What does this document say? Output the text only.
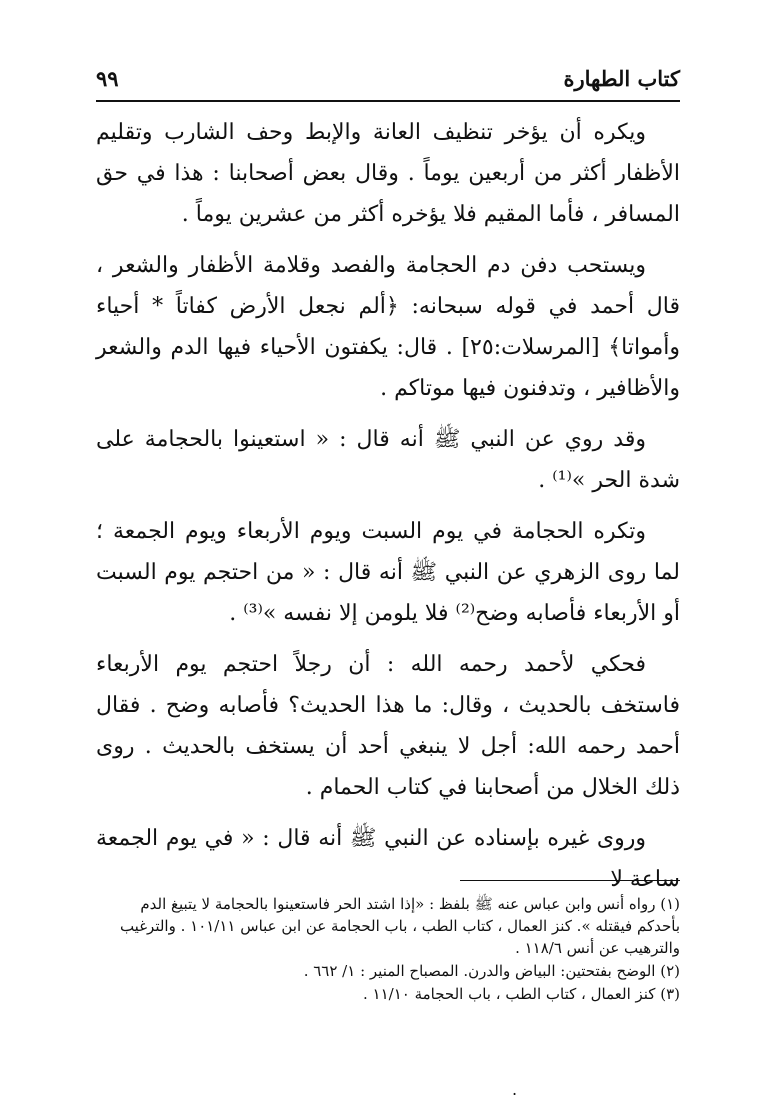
كتاب الطهارة
٩٩

ويكره أن يؤخر تنظيف العانة والإبط وحف الشارب وتقليم الأظفار أكثر من أربعين يوماً . وقال بعض أصحابنا : هذا في حق المسافر ، فأما المقيم فلا يؤخره أكثر من عشرين يوماً .

ويستحب دفن دم الحجامة والفصد وقلامة الأظفار والشعر ، قال أحمد في قوله سبحانه: ﴿ألم نجعل الأرض كفاتاً * أحياء وأمواتا﴾ [المرسلات:٢٥] . قال: يكفتون الأحياء فيها الدم والشعر والأظافير ، وتدفنون فيها موتاكم .

وقد روي عن النبي ﷺ أنه قال : « استعينوا بالحجامة على شدة الحر »⁽¹⁾ .

وتكره الحجامة في يوم السبت ويوم الأربعاء ويوم الجمعة ؛ لما روى الزهري عن النبي ﷺ أنه قال : « من احتجم يوم السبت أو الأربعاء فأصابه وضح⁽²⁾ فلا يلومن إلا نفسه »⁽³⁾ .

فحكي لأحمد رحمه الله : أن رجلاً احتجم يوم الأربعاء فاستخف بالحديث ، وقال: ما هذا الحديث؟ فأصابه وضح . فقال أحمد رحمه الله: أجل لا ينبغي أحد أن يستخف بالحديث . روى ذلك الخلال من أصحابنا في كتاب الحمام .

وروى غيره بإسناده عن النبي ﷺ أنه قال : « في يوم الجمعة ساعة لا

(١) رواه أنس وابن عباس عنه ﷺ بلفظ : «إذا اشتد الحر فاستعينوا بالحجامة لا يتبيغ الدم بأحدكم فيقتله ». كنز العمال ، كتاب الطب ، باب الحجامة عن ابن عباس ١٠١/١١ . والترغيب والترهيب عن أنس ١١٨/٦ .

(٢) الوضح بفتحتين: البياض والدرن. المصباح المنير : ١/ ٦٦٢ .

(٣) كنز العمال ، كتاب الطب ، باب الحجامة ١١/١٠ .

.
